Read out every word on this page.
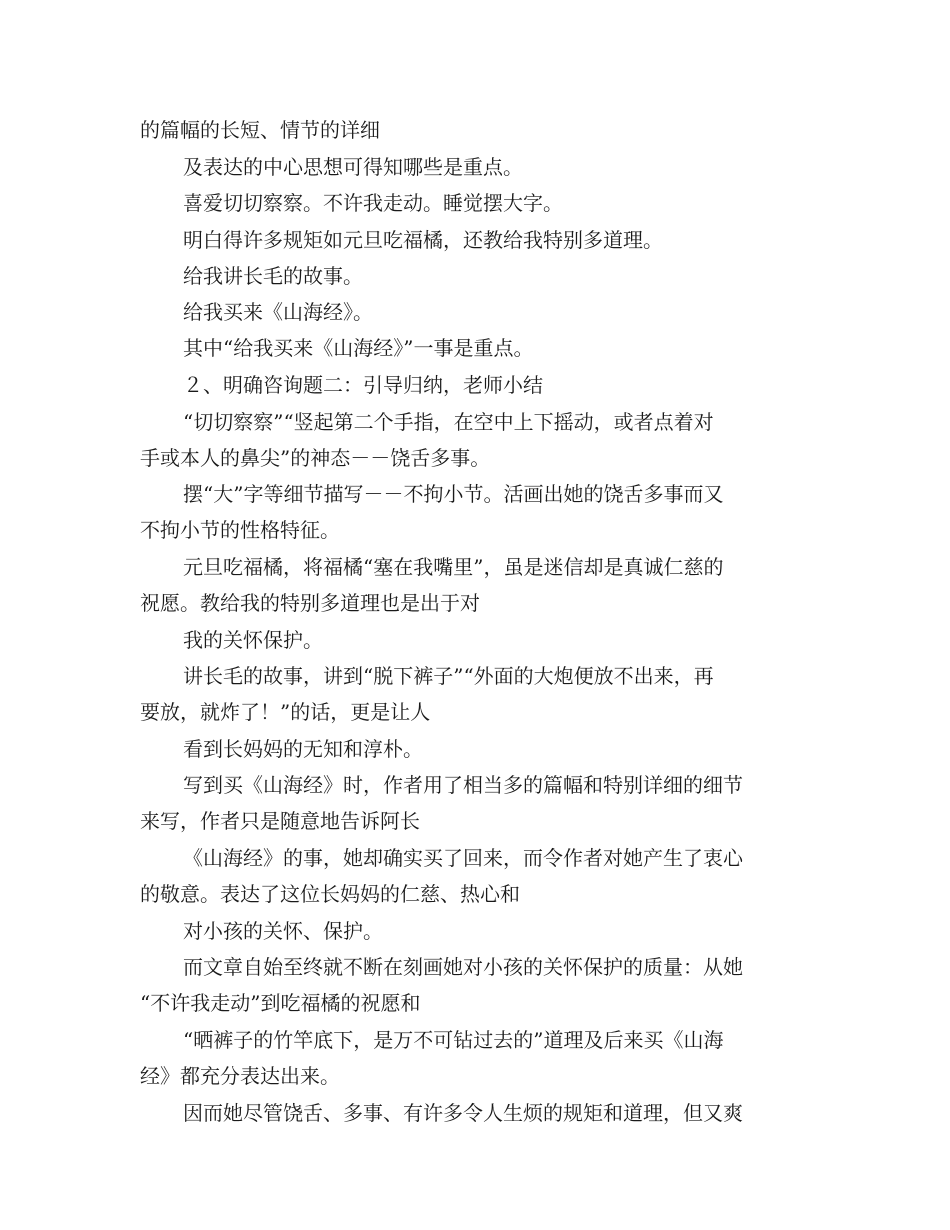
的篇幅的长短、情节的详细
及表达的中心思想可得知哪些是重点。
喜爱切切察察。不许我走动。睡觉摆大字。
明白得许多规矩如元旦吃福橘，还教给我特别多道理。
给我讲长毛的故事。
给我买来《山海经》。
其中“给我买来《山海经》”一事是重点。
２、明确咨询题二：引导归纳，老师小结
“切切察察”“竖起第二个手指，在空中上下摇动，或者点着对
手或本人的鼻尖”的神态－－饶舌多事。
摆“大”字等细节描写－－不拘小节。活画出她的饶舌多事而又
不拘小节的性格特征。
元旦吃福橘，将福橘“塞在我嘴里”，虽是迷信却是真诚仁慈的
祝愿。教给我的特别多道理也是出于对
我的关怀保护。
讲长毛的故事，讲到“脱下裤子”“外面的大炮便放不出来，再
要放，就炸了！”的话，更是让人
看到长妈妈的无知和淳朴。
写到买《山海经》时，作者用了相当多的篇幅和特别详细的细节
来写，作者只是随意地告诉阿长
《山海经》的事，她却确实买了回来，而令作者对她产生了衷心
的敬意。表达了这位长妈妈的仁慈、热心和
对小孩的关怀、保护。
而文章自始至终就不断在刻画她对小孩的关怀保护的质量：从她
“不许我走动”到吃福橘的祝愿和
“晒裤子的竹竿底下，是万不可钻过去的”道理及后来买《山海
经》都充分表达出来。
因而她尽管饶舌、多事、有许多令人生烦的规矩和道理，但又爽
